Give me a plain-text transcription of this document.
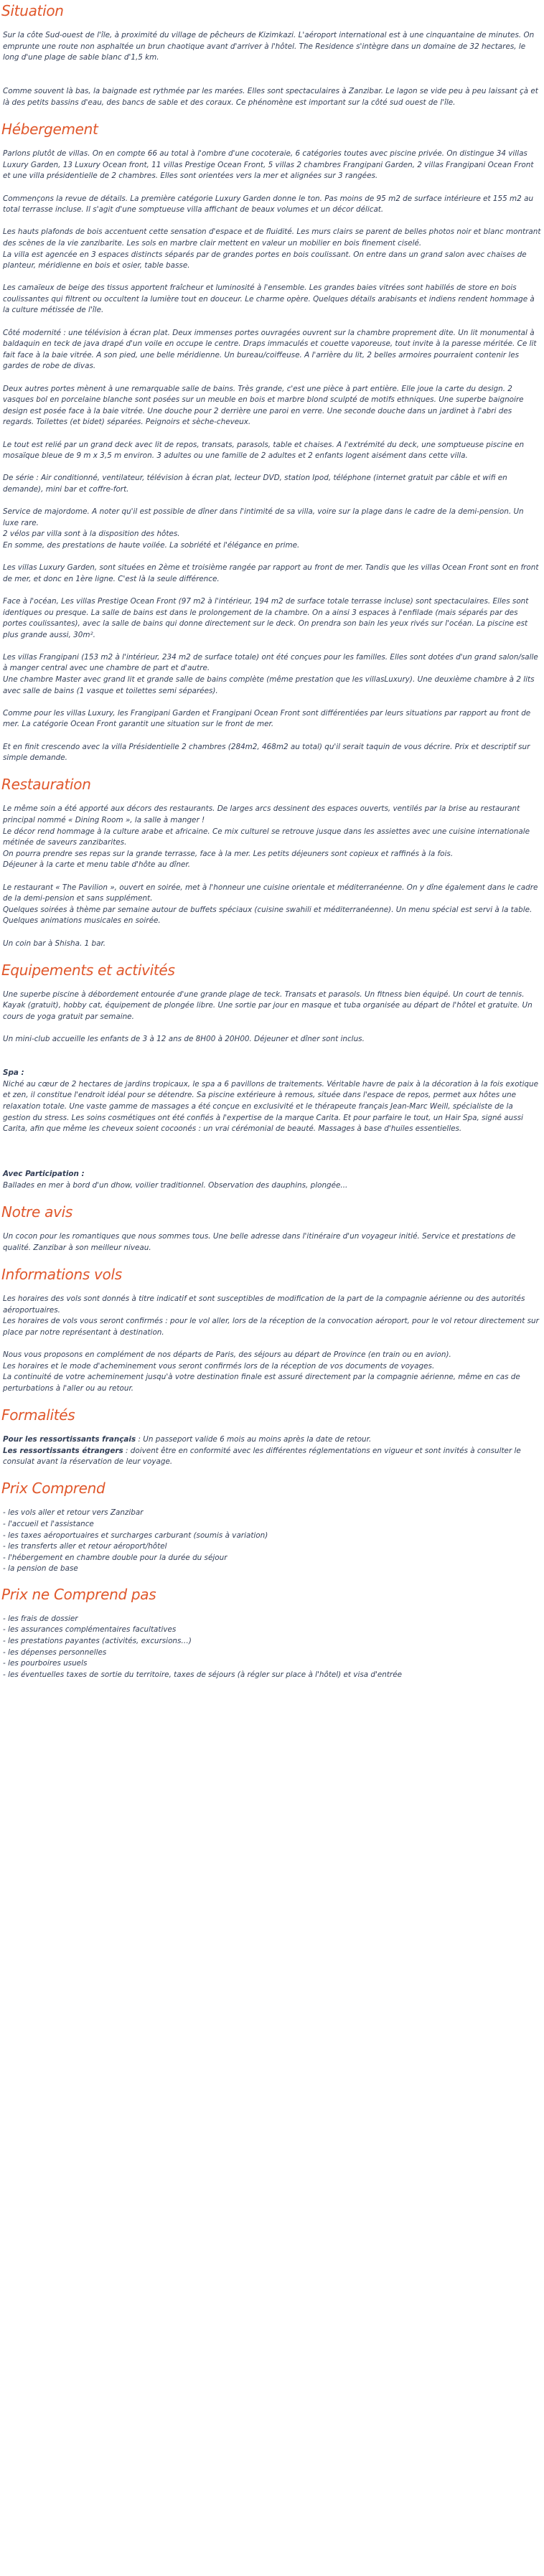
Situation

Sur la côte Sud-ouest de l'île, à proximité du village de pêcheurs de Kizimkazi. L'aéroport international est à une cinquantaine de minutes. On emprunte une route non asphaltée un brun chaotique avant d'arriver à l'hôtel. The Residence s'intègre dans un domaine de 32 hectares, le long d'une plage de sable blanc d'1,5 km.

Comme souvent là bas, la baignade est rythmée par les marées. Elles sont spectaculaires à Zanzibar. Le lagon se vide peu à peu laissant çà et là des petits bassins d'eau, des bancs de sable et des coraux. Ce phénomène est important sur la côté sud ouest de l'île.

Hébergement

Parlons plutôt de villas. On en compte 66 au total à l'ombre d'une cocoteraie, 6 catégories toutes avec piscine privée. On distingue 34 villas Luxury Garden, 13 Luxury Ocean front, 11 villas Prestige Ocean Front, 5 villas 2 chambres Frangipani Garden, 2 villas Frangipani Ocean Front et une villa présidentielle de 2 chambres. Elles sont orientées vers la mer et alignées sur 3 rangées.

Commençons la revue de détails. La première catégorie Luxury Garden donne le ton. Pas moins de 95 m2 de surface intérieure et 155 m2 au total terrasse incluse. Il s'agit d'une somptueuse villa affichant de beaux volumes et un décor délicat.

Les hauts plafonds de bois accentuent cette sensation d'espace et de fluidité. Les murs clairs se parent de belles photos noir et blanc montrant des scènes de la vie zanzibarite. Les sols en marbre clair mettent en valeur un mobilier en bois finement ciselé.
La villa est agencée en 3 espaces distincts séparés par de grandes portes en bois coulissant. On entre dans un grand salon avec chaises de planteur, méridienne en bois et osier, table basse.

Les camaïeux de beige des tissus apportent fraîcheur et luminosité à l'ensemble. Les grandes baies vitrées sont habillés de store en bois coulissantes qui filtrent ou occultent la lumière tout en douceur. Le charme opère. Quelques détails arabisants et indiens rendent hommage à la culture métissée de l'île.

Côté modernité : une télévision à écran plat. Deux immenses portes ouvragées ouvrent sur la chambre proprement dite. Un lit monumental à baldaquin en teck de java drapé d'un voile en occupe le centre. Draps immaculés et couette vaporeuse, tout invite à la paresse méritée. Ce lit fait face à la baie vitrée. A son pied, une belle méridienne. Un bureau/coiffeuse. A l'arrière du lit, 2 belles armoires pourraient contenir les gardes de robe de divas.

Deux autres portes mènent à une remarquable salle de bains. Très grande, c'est une pièce à part entière. Elle joue la carte du design. 2 vasques bol en porcelaine blanche sont posées sur un meuble en bois et marbre blond sculpté de motifs ethniques. Une superbe baignoire design est posée face à la baie vitrée. Une douche pour 2 derrière une paroi en verre. Une seconde douche dans un jardinet à l'abri des regards. Toilettes (et bidet) séparées. Peignoirs et sèche-cheveux.

Le tout est relié par un grand deck avec lit de repos, transats, parasols, table et chaises. A l'extrémité du deck, une somptueuse piscine en mosaïque bleue de 9 m x 3,5 m environ. 3 adultes ou une famille de 2 adultes et 2 enfants logent aisément dans cette villa.

De série : Air conditionné, ventilateur, télévision à écran plat, lecteur DVD, station Ipod, téléphone (internet gratuit par câble et wifi en demande), mini bar et coffre-fort.

Service de majordome. A noter qu'il est possible de dîner dans l'intimité de sa villa, voire sur la plage dans le cadre de la demi-pension. Un luxe rare.
2 vélos par villa sont à la disposition des hôtes.
En somme, des prestations de haute voilée. La sobriété et l'élégance en prime.

Les villas Luxury Garden, sont situées en 2ème et troisième rangée par rapport au front de mer. Tandis que les villas Ocean Front sont en front de mer, et donc en 1ère ligne. C'est là la seule différence.

Face à l'océan, Les villas Prestige Ocean Front (97 m2 à l'intérieur, 194 m2 de surface totale terrasse incluse) sont spectaculaires. Elles sont identiques ou presque. La salle de bains est dans le prolongement de la chambre. On a ainsi 3 espaces à l'enfilade (mais séparés par des portes coulissantes), avec la salle de bains qui donne directement sur le deck. On prendra son bain les yeux rivés sur l'océan. La piscine est plus grande aussi, 30m².

Les villas Frangipani (153 m2 à l'intérieur, 234 m2 de surface totale) ont été conçues pour les familles. Elles sont dotées d'un grand salon/salle à manger central avec une chambre de part et d'autre.
Une chambre Master avec grand lit et grande salle de bains complète (même prestation que les villasLuxury). Une deuxième chambre à 2 lits avec salle de bains (1 vasque et toilettes semi séparées).

Comme pour les villas Luxury, les Frangipani Garden et Frangipani Ocean Front sont différentiées par leurs situations par rapport au front de mer. La catégorie Ocean Front garantit une situation sur le front de mer.

Et en finit crescendo avec la villa Présidentielle 2 chambres (284m2, 468m2 au total) qu'il serait taquin de vous décrire. Prix et descriptif sur simple demande.

Restauration

Le même soin a été apporté aux décors des restaurants. De larges arcs dessinent des espaces ouverts, ventilés par la brise au restaurant principal nommé « Dining Room », la salle à manger !
Le décor rend hommage à la culture arabe et africaine. Ce mix culturel se retrouve jusque dans les assiettes avec une cuisine internationale métinée de saveurs zanzibarites.
On pourra prendre ses repas sur la grande terrasse, face à la mer. Les petits déjeuners sont copieux et raffinés à la fois.
Déjeuner à la carte et menu table d'hôte au dîner.

Le restaurant « The Pavilion », ouvert en soirée, met à l'honneur une cuisine orientale et méditerranéenne. On y dîne également dans le cadre de la demi-pension et sans supplément.
Quelques soirées à thème par semaine autour de buffets spéciaux (cuisine swahili et méditerranéenne). Un menu spécial est servi à la table.
Quelques animations musicales en soirée.

Un coin bar à Shisha. 1 bar.

Equipements et activités

Une superbe piscine à débordement entourée d'une grande plage de teck. Transats et parasols. Un fitness bien équipé. Un court de tennis. Kayak (gratuit), hobby cat, équipement de plongée libre. Une sortie par jour en masque et tuba organisée au départ de l'hôtel et gratuite. Un cours de yoga gratuit par semaine.

Un mini-club accueille les enfants de 3 à 12 ans de 8H00 à 20H00. Déjeuner et dîner sont inclus.

Spa :

Niché au cœur de 2 hectares de jardins tropicaux, le spa a 6 pavillons de traitements. Véritable havre de paix à la décoration à la fois exotique et zen, il constitue l'endroit idéal pour se détendre. Sa piscine extérieure à remous, située dans l'espace de repos, permet aux hôtes une relaxation totale. Une vaste gamme de massages a été conçue en exclusivité et le thérapeute français Jean-Marc Weill, spécialiste de la gestion du stress. Les soins cosmétiques ont été confiés à l'expertise de la marque Carita. Et pour parfaire le tout, un Hair Spa, signé aussi Carita, afin que même les cheveux soient cocoonés : un vrai cérémonial de beauté. Massages à base d'huiles essentielles.

Avec Participation :

Ballades en mer à bord d'un dhow, voilier traditionnel. Observation des dauphins, plongée...

Notre avis

Un cocon pour les romantiques que nous sommes tous. Une belle adresse dans l'itinéraire d'un voyageur initié. Service et prestations de qualité. Zanzibar à son meilleur niveau.

Informations vols

Les horaires des vols sont donnés à titre indicatif et sont susceptibles de modification de la part de la compagnie aérienne ou des autorités aéroportuaires.
Les horaires de vols vous seront confirmés : pour le vol aller, lors de la réception de la convocation aéroport, pour le vol retour directement sur place par notre représentant à destination.

Nous vous proposons en complément de nos départs de Paris, des séjours au départ de Province (en train ou en avion).
Les horaires et le mode d'acheminement vous seront confirmés lors de la réception de vos documents de voyages.
La continuité de votre acheminement jusqu'à votre destination finale est assuré directement par la compagnie aérienne, même en cas de perturbations à l'aller ou au retour.

Formalités

Pour les ressortissants français : Un passeport valide 6 mois au moins après la date de retour.
Les ressortissants étrangers : doivent être en conformité avec les différentes réglementations en vigueur et sont invités à consulter le consulat avant la réservation de leur voyage.

Prix Comprend
- les vols aller et retour vers Zanzibar
- l'accueil et l'assistance
- les taxes aéroportuaires et surcharges carburant (soumis à variation)
- les transferts aller et retour aéroport/hôtel
- l'hébergement en chambre double pour la durée du séjour
- la pension de base
Prix ne Comprend pas
- les frais de dossier
- les assurances complémentaires facultatives
- les prestations payantes (activités, excursions…)
- les dépenses personnelles
- les pourboires usuels
- les éventuelles taxes de sortie du territoire, taxes de séjours (à régler sur place à l'hôtel) et visa d'entrée
